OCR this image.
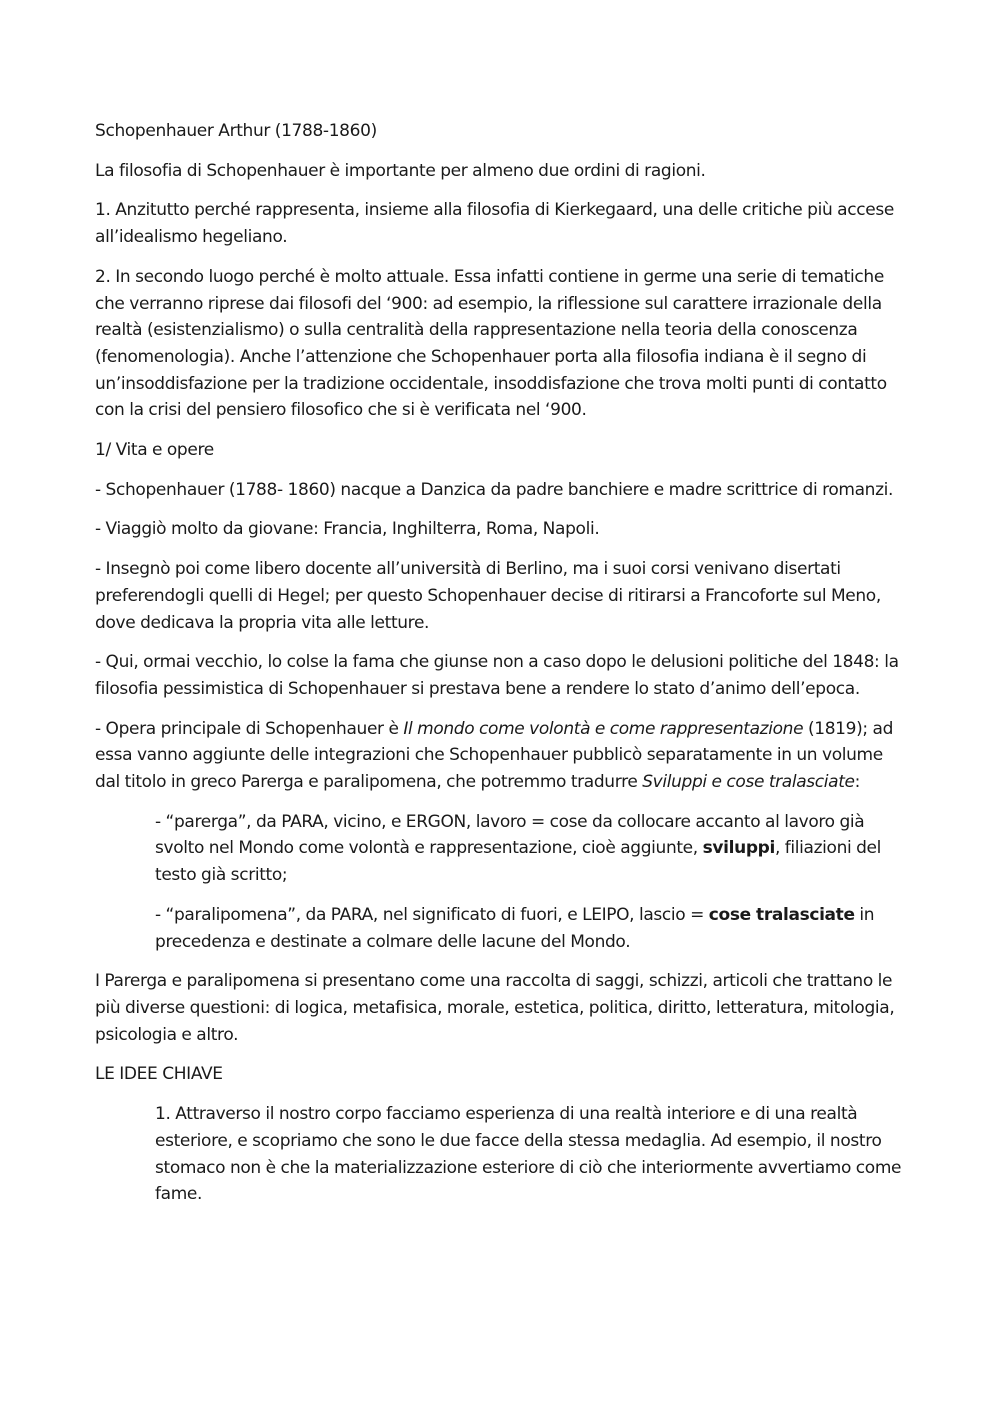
Schopenhauer Arthur (1788-1860)

La filosofia di Schopenhauer è importante per almeno due ordini di ragioni.

1. Anzitutto perché rappresenta, insieme alla filosofia di Kierkegaard, una delle critiche più accese all’idealismo hegeliano.

2. In secondo luogo perché è molto attuale. Essa infatti contiene in germe una serie di tematiche che verranno riprese dai filosofi del ‘900: ad esempio, la riflessione sul carattere irrazionale della realtà (esistenzialismo) o sulla centralità della rappresentazione nella teoria della conoscenza (fenomenologia). Anche l’attenzione che Schopenhauer porta alla filosofia indiana è il segno di un’insoddisfazione per la tradizione occidentale, insoddisfazione che trova molti punti di contatto con la crisi del pensiero filosofico che si è verificata nel ‘900.

1/ Vita e opere

- Schopenhauer (1788- 1860) nacque a Danzica da padre banchiere e madre scrittrice di romanzi.

- Viaggiò molto da giovane: Francia, Inghilterra, Roma, Napoli.

- Insegnò poi come libero docente all’università di Berlino, ma i suoi corsi venivano disertati preferendogli quelli di Hegel; per questo Schopenhauer decise di ritirarsi a Francoforte sul Meno, dove dedicava la propria vita alle letture.

- Qui, ormai vecchio, lo colse la fama che giunse non a caso dopo le delusioni politiche del 1848: la filosofia pessimistica di Schopenhauer si prestava bene a rendere lo stato d’animo dell’epoca.

- Opera principale di Schopenhauer è Il mondo come volontà e come rappresentazione (1819); ad essa vanno aggiunte delle integrazioni che Schopenhauer pubblicò separatamente in un volume dal titolo in greco Parerga e paralipomena, che potremmo tradurre Sviluppi e cose tralasciate:

- “parerga”, da PARA, vicino, e ERGON, lavoro = cose da collocare accanto al lavoro già svolto nel Mondo come volontà e rappresentazione, cioè aggiunte, sviluppi, filiazioni del testo già scritto;

- “paralipomena”, da PARA, nel significato di fuori, e LEIPO, lascio = cose tralasciate in precedenza e destinate a colmare delle lacune del Mondo.

I Parerga e paralipomena si presentano come una raccolta di saggi, schizzi, articoli che trattano le più diverse questioni: di logica, metafisica, morale, estetica, politica, diritto, letteratura, mitologia, psicologia e altro.

LE IDEE CHIAVE

1. Attraverso il nostro corpo facciamo esperienza di una realtà interiore e di una realtà esteriore, e scopriamo che sono le due facce della stessa medaglia. Ad esempio, il nostro stomaco non è che la materializzazione esteriore di ciò che interiormente avvertiamo come fame.
